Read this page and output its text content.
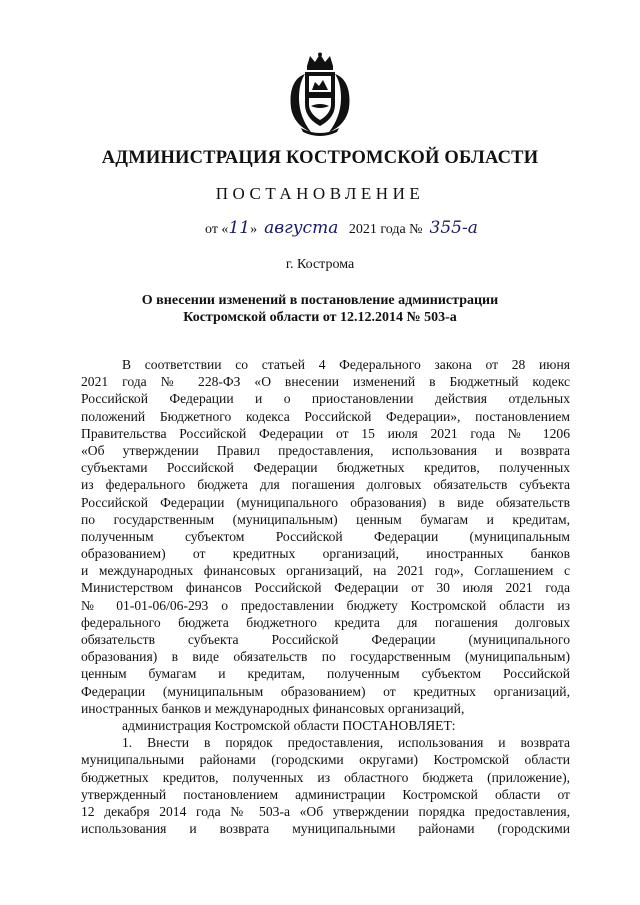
АДМИНИСТРАЦИЯ КОСТРОМСКОЙ ОБЛАСТИ
ПОСТАНОВЛЕНИЕ
от «11» августа 2021 года № 355-а
г. Кострома
О внесении изменений в постановление администрации
Костромской области от 12.12.2014 № 503-а
В соответствии со статьей 4 Федерального закона от 28 июня
2021 года № 228-ФЗ «О внесении изменений в Бюджетный кодекс
Российской Федерации и о приостановлении действия отдельных
положений Бюджетного кодекса Российской Федерации», постановлением
Правительства Российской Федерации от 15 июля 2021 года № 1206
«Об утверждении Правил предоставления, использования и возврата
субъектами Российской Федерации бюджетных кредитов, полученных
из федерального бюджета для погашения долговых обязательств субъекта
Российской Федерации (муниципального образования) в виде обязательств
по государственным (муниципальным) ценным бумагам и кредитам,
полученным субъектом Российской Федерации (муниципальным
образованием) от кредитных организаций, иностранных банков
и международных финансовых организаций, на 2021 год», Соглашением с
Министерством финансов Российской Федерации от 30 июля 2021 года
№ 01-01-06/06-293 о предоставлении бюджету Костромской области из
федерального бюджета бюджетного кредита для погашения долговых
обязательств субъекта Российской Федерации (муниципального
образования) в виде обязательств по государственным (муниципальным)
ценным бумагам и кредитам, полученным субъектом Российской
Федерации (муниципальным образованием) от кредитных организаций,
иностранных банков и международных финансовых организаций,
администрация Костромской области ПОСТАНОВЛЯЕТ:
1. Внести в порядок предоставления, использования и возврата
муниципальными районами (городскими округами) Костромской области
бюджетных кредитов, полученных из областного бюджета (приложение),
утвержденный постановлением администрации Костромской области от
12 декабря 2014 года № 503-а «Об утверждении порядка предоставления,
использования и возврата муниципальными районами (городскими
